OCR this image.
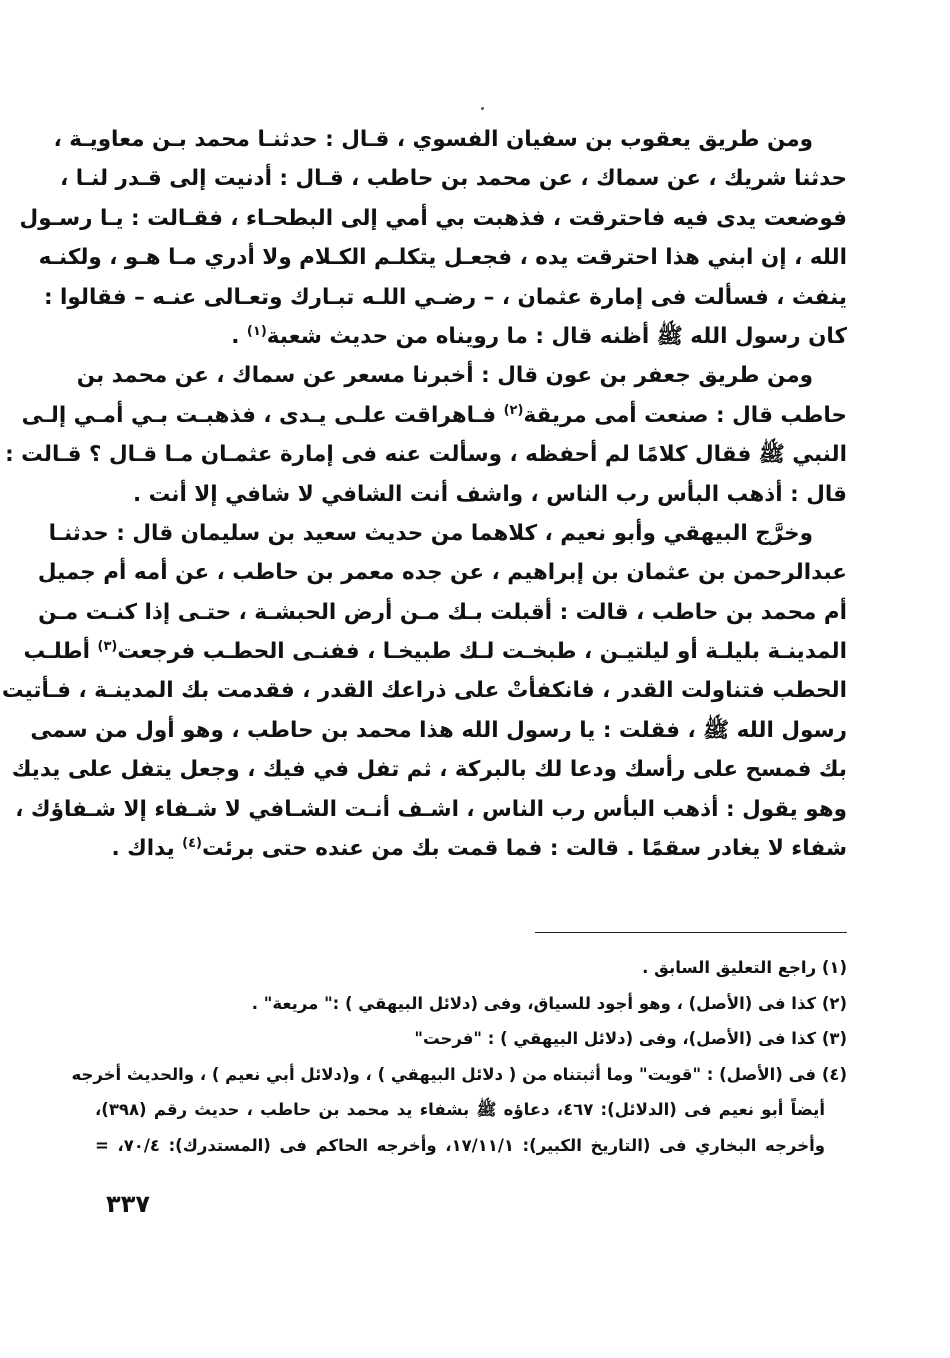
ومن طريق يعقوب بن سفيان الفسوي ، قـال : حدثنـا محمد بـن معاويـة ،
حدثنا شريك ، عن سماك ، عن محمد بن حاطب ، قـال : أدنيت إلى قـدر لنـا ،
فوضعت يدى فيه فاحترقت ، فذهبت بي أمي إلى البطحـاء ، فقـالت : يـا رسـول
الله ، إن ابني هذا احترقت يده ، فجعـل يتكلـم الكـلام ولا أدري مـا هـو ، ولكنـه
ينفث ، فسألت فى إمارة عثمان ، – رضـي اللـه تبـارك وتعـالى عنـه – فقالوا :
كان رسول الله ﷺ أظنه قال : ما رويناه من حديث شعبة$^{(١)}$ .
ومن طريق جعفر بن عون قال : أخبرنا مسعر عن سماك ، عن محمد بن
حاطب قال : صنعت أمى مريقة$^{(٢)}$ فـاهراقت علـى يـدى ، فذهبـت بـي أمـي إلـى
النبي ﷺ فقال كلامًا لم أحفظه ، وسألت عنه فى إمارة عثمـان مـا قـال ؟ قـالت :
قال : أذهب البأس رب الناس ، واشف أنت الشافي لا شافي إلا أنت .
وخرَّج البيهقي وأبو نعيم ، كلاهما من حديث سعيد بن سليمان قال : حدثنـا
عبدالرحمن بن عثمان بن إبراهيم ، عن جده معمر بن حاطب ، عن أمه أم جميل
أم محمد بن حاطب ، قالت : أقبلت بـك مـن أرض الحبشـة ، حتـى إذا كنـت مـن
المدينـة بليلـة أو ليلتيـن ، طبخـت لـك طبيخـا ، ففنـى الحطـب فرجعت$^{(٣)}$ أطلـب
الحطب فتناولت القدر ، فانكفأتْ على ذراعك القدر ، فقدمت بك المدينـة ، فـأتيت
رسول الله ﷺ ، فقلت : يا رسول الله هذا محمد بن حاطب ، وهو أول من سمى
بك فمسح على رأسك ودعا لك بالبركة ، ثم تفل في فيك ، وجعل يتفل على يديك
وهو يقول : أذهب البأس رب الناس ، اشـف أنـت الشـافي لا شـفاء إلا شـفاؤك ،
شفاء لا يغادر سقمًا . قالت : فما قمت بك من عنده حتى برئت$^{(٤)}$ يداك .
(١) راجع التعليق السابق .
(٢) كذا فى (الأصل) ، وهو أجود للسياق، وفى (دلائل البيهقي ) :" مريعة" .
(٣) كذا فى (الأصل)، وفى (دلائل البيهقي ) : "فرحت"
(٤) فى (الأصل) : "قويت" وما أثبتناه من ( دلائل البيهقي ) ، و(دلائل أبي نعيم ) ، والحديث أخرجه
أيضاً أبو نعيم فى (الدلائل): ٤٦٧، دعاؤه ﷺ بشفاء يد محمد بن حاطب ، حديث رقم (٣٩٨)،
وأخرجه البخاري فى (التاريخ الكبير): ١٧/١١/١، وأخرجه الحاكم فى (المستدرك): ٧٠/٤، =
٣٣٧
